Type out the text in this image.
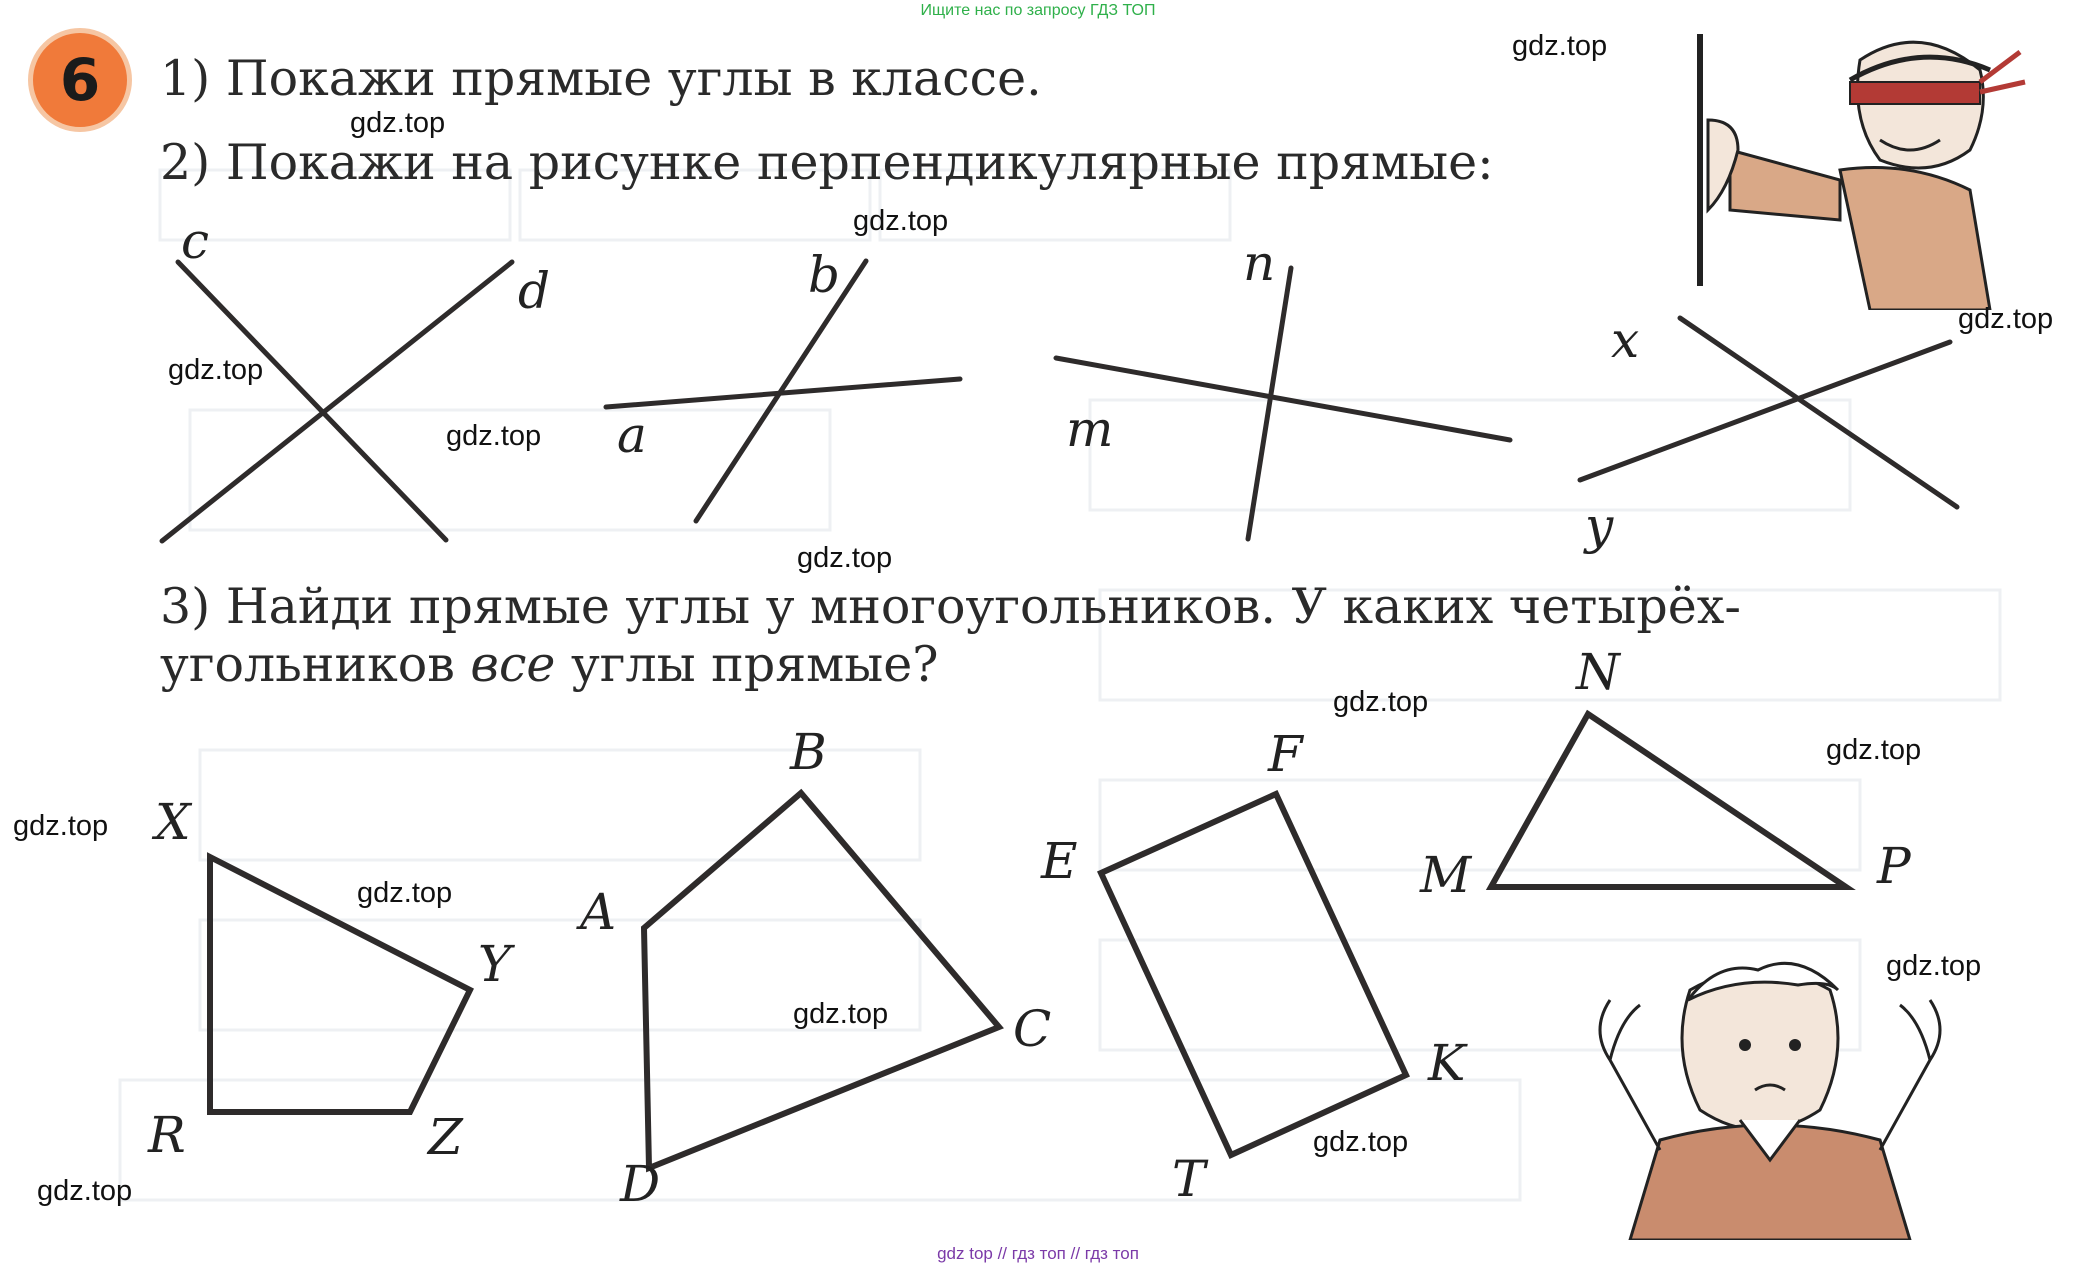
Ищите нас по запросу ГДЗ ТОП
6 1) Покажи прямые углы в классе.
2) Покажи на рисунке перпендикулярные прямые:
3) Найди прямые углы у многоугольников. У каких четырёх-
угольников все углы прямые?
c
d	b
a
n
m
x
y
X
Y
Z
R
A
B
C
D
E
F
K
T
N
M	P
gdz.top
gdz.top
gdz.top
gdz.top
gdz.top
gdz.top
gdz.top
gdz.top
gdz.top
gdz.top
gdz.top
gdz.top
gdz.top
gdz.top
gdz.top
gdz top // гдз топ // гдз топ
